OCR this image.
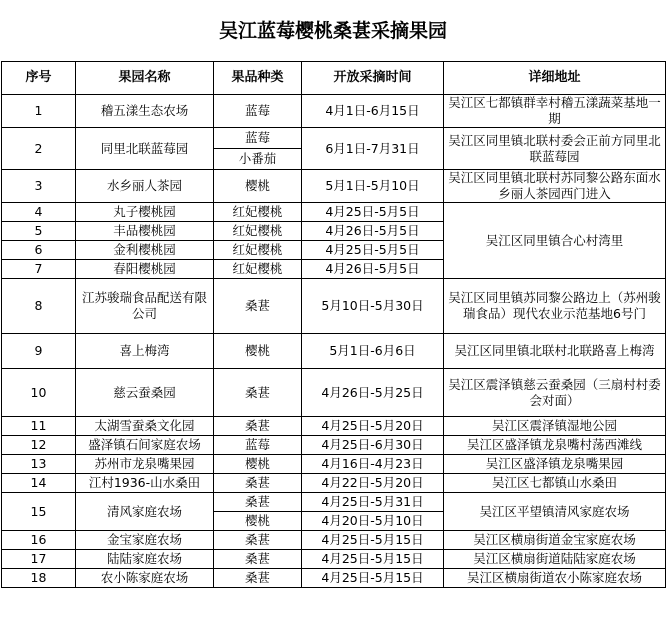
吴江蓝莓樱桃桑葚采摘果园
序号	果园名称	果品种类	开放采摘时间	详细地址
1	稽五漾生态农场	蓝莓	4月1日-6月15日	吴江区七都镇群幸村稽五漾蔬菜基地一期
2	同里北联蓝莓园	蓝莓	6月1日-7月31日	吴江区同里镇北联村委会正前方同里北联蓝莓园
		小番茄		
3	水乡丽人茶园	樱桃	5月1日-5月10日	吴江区同里镇北联村苏同黎公路东面水乡丽人茶园西门进入
4	丸子樱桃园	红妃樱桃	4月25日-5月5日	吴江区同里镇合心村湾里
5	丰品樱桃园	红妃樱桃	4月26日-5月5日	
6	金利樱桃园	红妃樱桃	4月25日-5月5日	
7	春阳樱桃园	红妃樱桃	4月26日-5月5日	
8	江苏骏瑞食品配送有限公司	桑葚	5月10日-5月30日	吴江区同里镇苏同黎公路边上（苏州骏瑞食品）现代农业示范基地6号门
9	喜上梅湾	樱桃	5月1日-6月6日	吴江区同里镇北联村北联路喜上梅湾
10	慈云蚕桑园	桑葚	4月26日-5月25日	吴江区震泽镇慈云蚕桑园（三扇村村委会对面）
11	太湖雪蚕桑文化园	桑葚	4月25日-5月20日	吴江区震泽镇湿地公园
12	盛泽镇石间家庭农场	蓝莓	4月25日-6月30日	吴江区盛泽镇龙泉嘴村荡西滩线
13	苏州市龙泉嘴果园	樱桃	4月16日-4月23日	吴江区盛泽镇龙泉嘴果园
14	江村1936-山水桑田	桑葚	4月22日-5月20日	吴江区七都镇山水桑田
15	清风家庭农场	桑葚	4月25日-5月31日	吴江区平望镇清风家庭农场
		樱桃	4月20日-5月10日	
16	金宝家庭农场	桑葚	4月25日-5月15日	吴江区横扇街道金宝家庭农场
17	陆陆家庭农场	桑葚	4月25日-5月15日	吴江区横扇街道陆陆家庭农场
18	农小陈家庭农场	桑葚	4月25日-5月15日	吴江区横扇街道农小陈家庭农场
